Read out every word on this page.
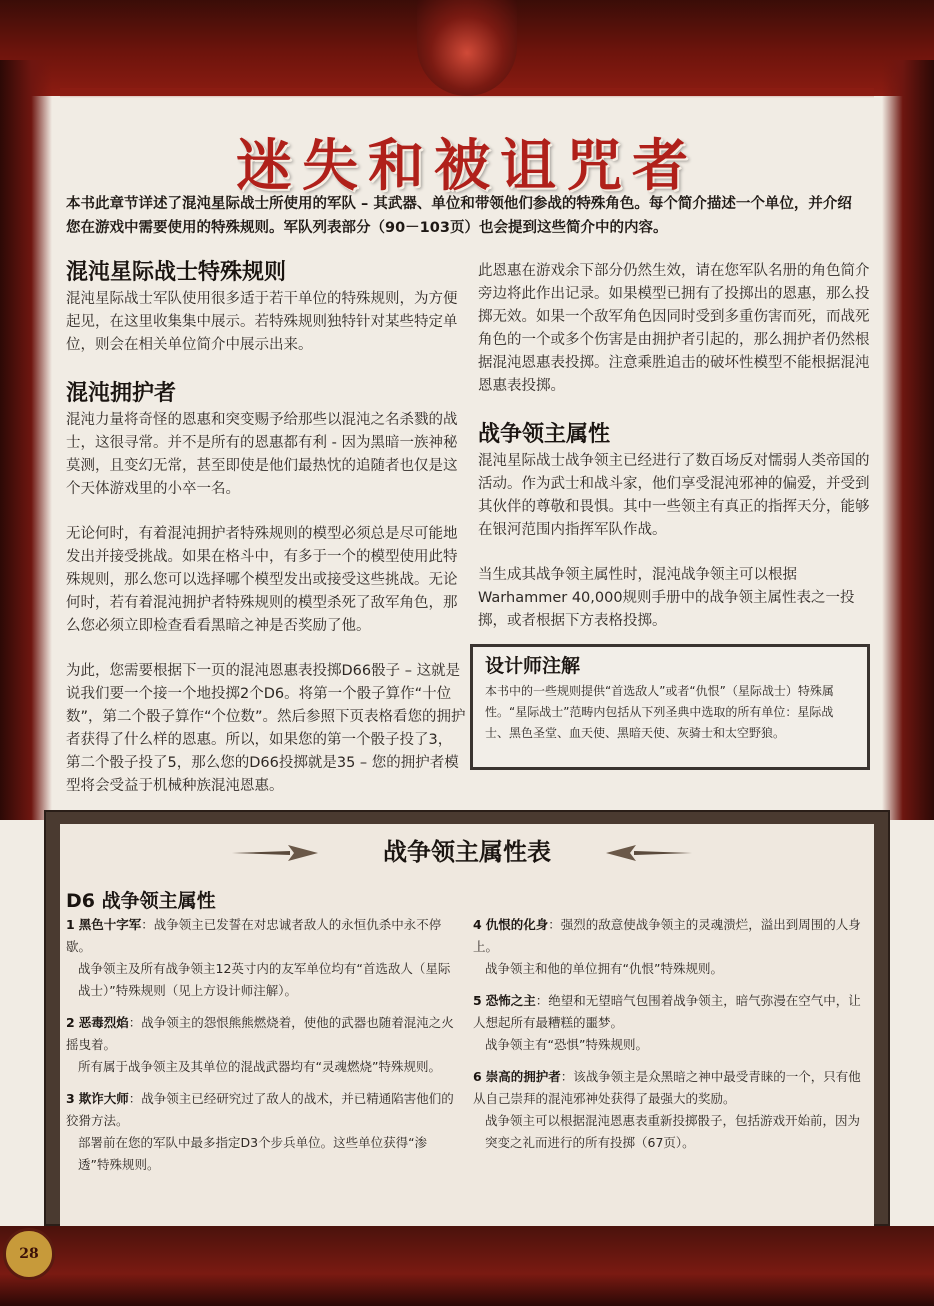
迷失和被诅咒者
本书此章节详述了混沌星际战士所使用的军队 – 其武器、单位和带领他们参战的特殊角色。每个简介描述一个单位，并介绍您在游戏中需要使用的特殊规则。军队列表部分（90－103页）也会提到这些简介中的内容。
混沌星际战士特殊规则

混沌星际战士军队使用很多适于若干单位的特殊规则，为方便起见，在这里收集集中展示。若特殊规则独特针对某些特定单位，则会在相关单位简介中展示出来。

混沌拥护者

混沌力量将奇怪的恩惠和突变赐予给那些以混沌之名杀戮的战士，这很寻常。并不是所有的恩惠都有利 - 因为黑暗一族神秘莫测，且变幻无常，甚至即使是他们最热忱的追随者也仅是这个天体游戏里的小卒一名。

无论何时，有着混沌拥护者特殊规则的模型必须总是尽可能地发出并接受挑战。如果在格斗中，有多于一个的模型使用此特殊规则，那么您可以选择哪个模型发出或接受这些挑战。无论何时，若有着混沌拥护者特殊规则的模型杀死了敌军角色，那么您必须立即检查看看黑暗之神是否奖励了他。

为此，您需要根据下一页的混沌恩惠表投掷D66骰子 – 这就是说我们要一个接一个地投掷2个D6。将第一个骰子算作“十位数”，第二个骰子算作“个位数”。然后参照下页表格看您的拥护者获得了什么样的恩惠。所以，如果您的第一个骰子投了3，第二个骰子投了5，那么您的D66投掷就是35 – 您的拥护者模型将会受益于机械种族混沌恩惠。

此恩惠在游戏余下部分仍然生效，请在您军队名册的角色简介旁边将此作出记录。如果模型已拥有了投掷出的恩惠，那么投掷无效。如果一个敌军角色因同时受到多重伤害而死，而战死角色的一个或多个伤害是由拥护者引起的，那么拥护者仍然根据混沌恩惠表投掷。注意乘胜追击的破坏性模型不能根据混沌恩惠表投掷。

战争领主属性

混沌星际战士战争领主已经进行了数百场反对懦弱人类帝国的活动。作为武士和战斗家，他们享受混沌邪神的偏爱，并受到其伙伴的尊敬和畏惧。其中一些领主有真正的指挥天分，能够在银河范围内指挥军队作战。

当生成其战争领主属性时，混沌战争领主可以根据Warhammer 40,000规则手册中的战争领主属性表之一投掷，或者根据下方表格投掷。

设计师注解

本书中的一些规则提供“首选敌人”或者“仇恨”（星际战士）特殊属性。“星际战士”范畴内包括从下列圣典中选取的所有单位：星际战士、黑色圣堂、血天使、黑暗天使、灰骑士和太空野狼。

战争领主属性表
D6 战争领主属性
1 黑色十字军：战争领主已发誓在对忠诚者敌人的永恒仇杀中永不停歇。
战争领主及所有战争领主12英寸内的友军单位均有“首选敌人（星际战士）”特殊规则（见上方设计师注解）。
2 恶毒烈焰：战争领主的怨恨熊熊燃烧着，使他的武器也随着混沌之火摇曳着。
所有属于战争领主及其单位的混战武器均有“灵魂燃烧”特殊规则。
3 欺诈大师：战争领主已经研究过了敌人的战术，并已精通陷害他们的狡猾方法。
部署前在您的军队中最多指定D3个步兵单位。这些单位获得“渗透”特殊规则。
4 仇恨的化身：强烈的敌意使战争领主的灵魂溃烂，溢出到周围的人身上。
战争领主和他的单位拥有“仇恨”特殊规则。
5 恐怖之主：绝望和无望暗气包围着战争领主，暗气弥漫在空气中，让人想起所有最糟糕的噩梦。
战争领主有“恐惧”特殊规则。
6 崇高的拥护者：该战争领主是众黑暗之神中最受青睐的一个，只有他从自己崇拜的混沌邪神处获得了最强大的奖励。
战争领主可以根据混沌恩惠表重新投掷骰子，包括游戏开始前，因为突变之礼而进行的所有投掷（67页）。
28
